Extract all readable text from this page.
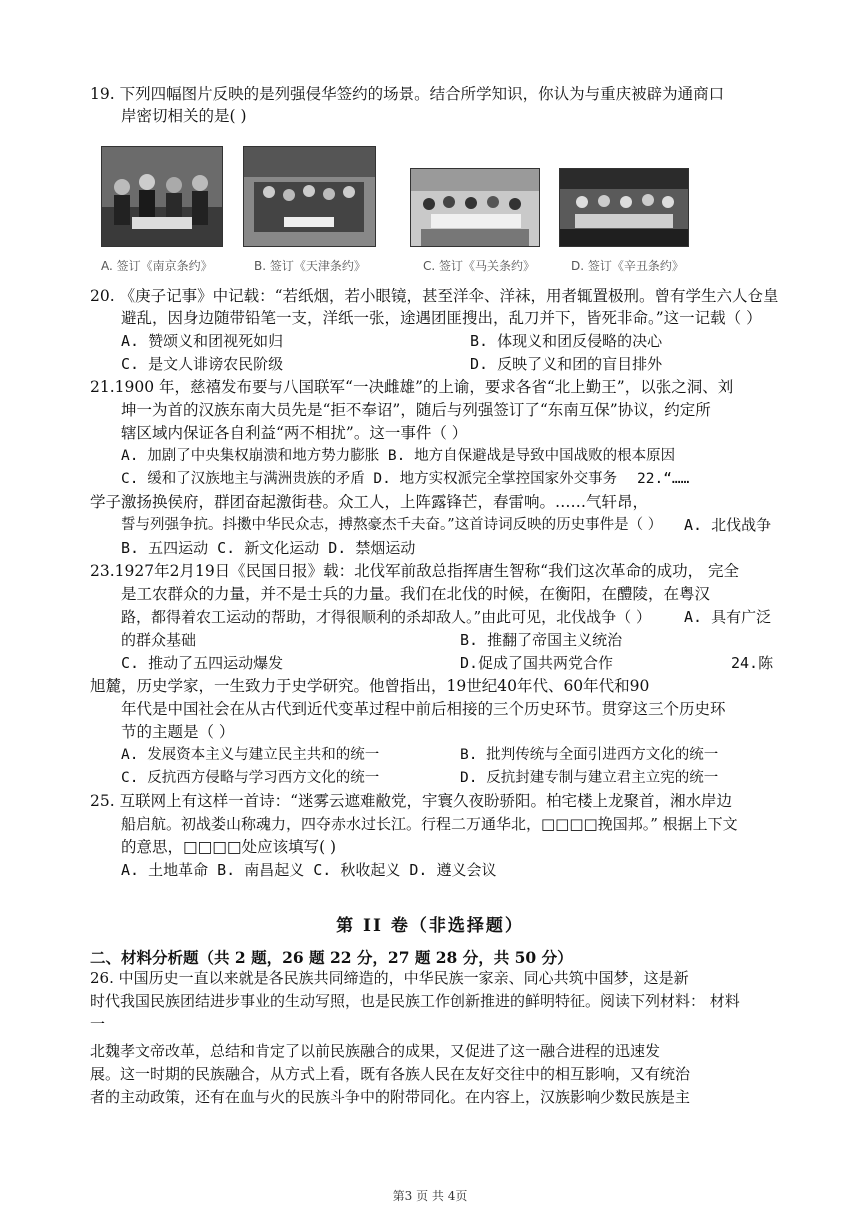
19. 下列四幅图片反映的是列强侵华签约的场景。结合所学知识，你认为与重庆被辟为通商口
岸密切相关的是( )
A. 签订《南京条约》	B. 签订《天津条约》	C. 签订《马关条约》	D. 签订《辛丑条约》
20. 《庚子记事》中记载：“若纸烟，若小眼镜，甚至洋伞、洋袜，用者辄置极刑。曾有学生六人仓皇
避乱，因身边随带铅笔一支，洋纸一张，途遇团匪搜出，乱刀并下，皆死非命。”这一记载（ ）
A. 赞颂义和团视死如归	B. 体现义和团反侵略的决心
C. 是文人诽谤农民阶级	D. 反映了义和团的盲目排外
21.1900 年，慈禧发布要与八国联军“一决雌雄”的上谕，要求各省“北上勤王”，以张之洞、刘
坤一为首的汉族东南大员先是“拒不奉诏”，随后与列强签订了“东南互保”协议，约定所
辖区域内保证各自利益“两不相扰”。这一事件（ ）
A. 加剧了中央集权崩溃和地方势力膨胀 B. 地方自保避战是导致中国战败的根本原因
C. 缓和了汉族地主与满洲贵族的矛盾 D. 地方实权派完全掌控国家外交事务 22.“……
学子激扬换侯府，群团奋起激街巷。众工人，上阵露锋芒，春雷响。……气轩昂，
誓与列强争抗。抖擞中华民众志，搏熬豪杰千夫奋。”这首诗词反映的历史事件是（ ） A. 北伐战争
B. 五四运动 C. 新文化运动 D. 禁烟运动
23.1927年2月19日《民国日报》载：北伐军前敌总指挥唐生智称“我们这次革命的成功， 完全
是工农群众的力量，并不是士兵的力量。我们在北伐的时候，在衡阳，在醴陵，在粤汉
路，都得着农工运动的帮助，才得很顺利的杀却敌人。”由此可见，北伐战争（ ） A. 具有广泛
的群众基础	B. 推翻了帝国主义统治
C. 推动了五四运动爆发	D.促成了国共两党合作	24.陈
旭麓，历史学家，一生致力于史学研究。他曾指出，19世纪40年代、60年代和90
年代是中国社会在从古代到近代变革过程中前后相接的三个历史环节。贯穿这三个历史环
节的主题是（ ）
A. 发展资本主义与建立民主共和的统一	B. 批判传统与全面引进西方文化的统一
C. 反抗西方侵略与学习西方文化的统一	D. 反抗封建专制与建立君主立宪的统一
25. 互联网上有这样一首诗：“迷雾云遮难敝党，宇寰久夜盼骄阳。柏宅楼上龙聚首，湘水岸边
船启航。初战娄山称魂力，四夺赤水过长江。行程二万通华北，□□□□挽国邦。” 根据上下文
的意思，□□□□处应该填写( )
A. 土地革命 B. 南昌起义 C. 秋收起义 D. 遵义会议
第 II 卷（非选择题）
二、材料分析题（共 2 题，26 题 22 分，27 题 28 分，共 50 分）
26. 中国历史一直以来就是各民族共同缔造的，中华民族一家亲、同心共筑中国梦，这是新
时代我国民族团结进步事业的生动写照，也是民族工作创新推进的鲜明特征。阅读下列材料： 材料
一
北魏孝文帝改革，总结和肯定了以前民族融合的成果，又促进了这一融合进程的迅速发
展。这一时期的民族融合，从方式上看，既有各族人民在友好交往中的相互影响，又有统治
者的主动政策，还有在血与火的民族斗争中的附带同化。在内容上，汉族影响少数民族是主
第3 页 共 4页
